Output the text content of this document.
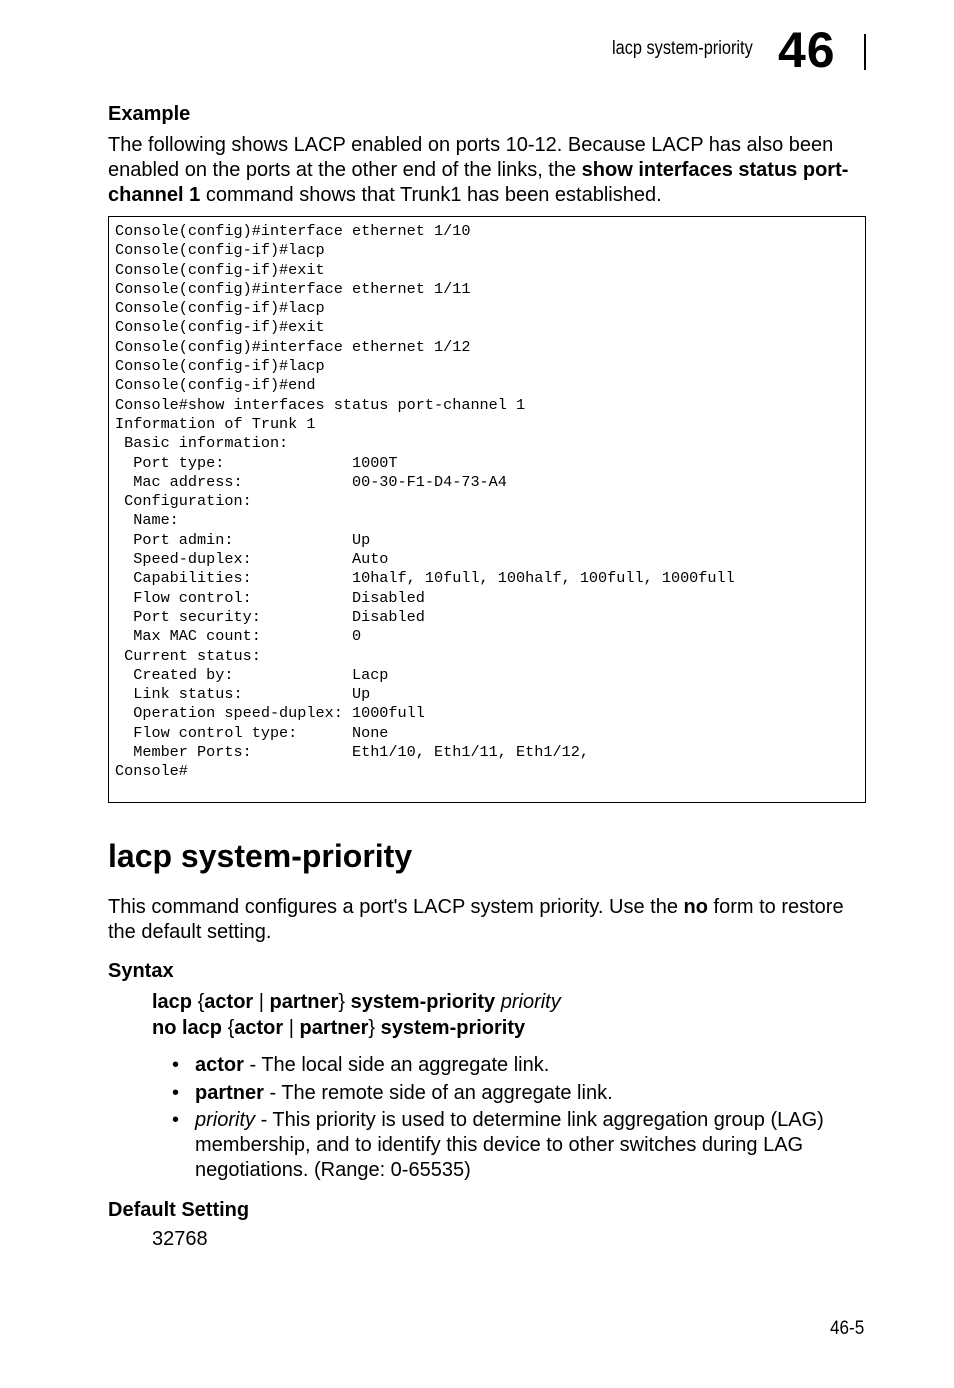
lacp system-priority 46
Example
The following shows LACP enabled on ports 10-12. Because LACP has also been enabled on the ports at the other end of the links, the show interfaces status port-channel 1 command shows that Trunk1 has been established.
Console(config)#interface ethernet 1/10
Console(config-if)#lacp
Console(config-if)#exit
Console(config)#interface ethernet 1/11
Console(config-if)#lacp
Console(config-if)#exit
Console(config)#interface ethernet 1/12
Console(config-if)#lacp
Console(config-if)#end
Console#show interfaces status port-channel 1
Information of Trunk 1
Basic information:
Port type:              1000T
Mac address:            00-30-F1-D4-73-A4
Configuration:
Name:
Port admin:             Up
Speed-duplex:           Auto
Capabilities:           10half, 10full, 100half, 100full, 1000full
Flow control:           Disabled
Port security:          Disabled
Max MAC count:          0
Current status:
Created by:             Lacp
Link status:            Up
Operation speed-duplex: 1000full
Flow control type:      None
Member Ports:           Eth1/10, Eth1/11, Eth1/12,
Console#
lacp system-priority
This command configures a port's LACP system priority. Use the no form to restore the default setting.
Syntax
lacp {actor | partner} system-priority priority
no lacp {actor | partner} system-priority
• actor - The local side an aggregate link.
• partner - The remote side of an aggregate link.
• priority - This priority is used to determine link aggregation group (LAG) membership, and to identify this device to other switches during LAG negotiations. (Range: 0-65535)
Default Setting
32768
46-5
